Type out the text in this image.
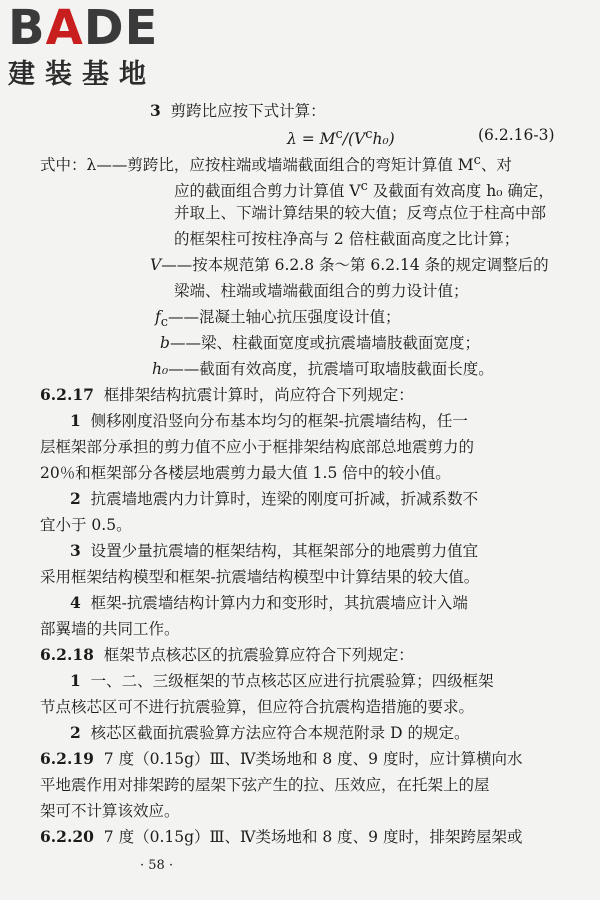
BADE
建装基地
3 剪跨比应按下式计算：
$\lambda = M^c/(V^ch_0)$	(6.2.16-3)
式中：λ——剪跨比，应按柱端或墙端截面组合的弯矩计算值 $M^c$、对
应的截面组合剪力计算值 $V^c$ 及截面有效高度 h₀ 确定，
并取上、下端计算结果的较大值；反弯点位于柱高中部
的框架柱可按柱净高与 2 倍柱截面高度之比计算；
V——按本规范第 6.2.8 条～第 6.2.14 条的规定调整后的
梁端、柱端或墙端截面组合的剪力设计值；
$f_c——$混凝土轴心抗压强度设计值；
b——梁、柱截面宽度或抗震墙墙肢截面宽度；
h₀——截面有效高度，抗震墙可取墙肢截面长度。
6.2.17 框排架结构抗震计算时，尚应符合下列规定：
1 侧移刚度沿竖向分布基本均匀的框架-抗震墙结构，任一
层框架部分承担的剪力值不应小于框排架结构底部总地震剪力的
20％和框架部分各楼层地震剪力最大值 1.5 倍中的较小值。
2 抗震墙地震内力计算时，连梁的刚度可折减，折减系数不
宜小于 0.5。
3 设置少量抗震墙的框架结构，其框架部分的地震剪力值宜
采用框架结构模型和框架-抗震墙结构模型中计算结果的较大值。
4 框架-抗震墙结构计算内力和变形时，其抗震墙应计入端
部翼墙的共同工作。
6.2.18 框架节点核芯区的抗震验算应符合下列规定：
1 一、二、三级框架的节点核芯区应进行抗震验算；四级框架
节点核芯区可不进行抗震验算，但应符合抗震构造措施的要求。
2 核芯区截面抗震验算方法应符合本规范附录 D 的规定。
6.2.19 7 度（0.15g）Ⅲ、Ⅳ类场地和 8 度、9 度时，应计算横向水
平地震作用对排架跨的屋架下弦产生的拉、压效应，在托架上的屋
架可不计算该效应。
6.2.20 7 度（0.15g）Ⅲ、Ⅳ类场地和 8 度、9 度时，排架跨屋架或
· 58 ·
